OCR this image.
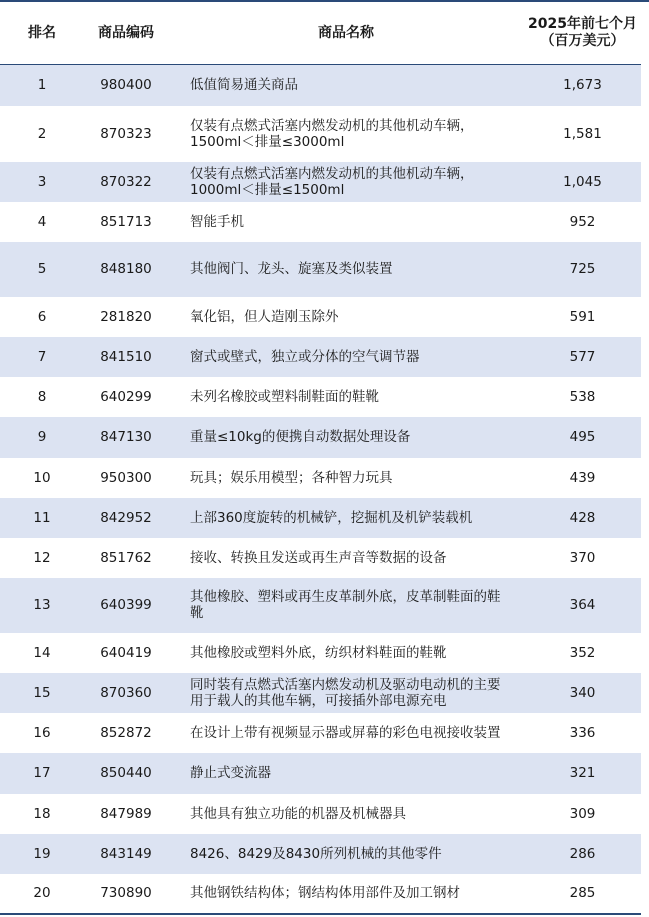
排名	商品编码	商品名称	2025年前七个月
（百万美元）

1	980400	低值简易通关商品	1,673
2	870323	仅装有点燃式活塞内燃发动机的其他机动车辆，1500ml＜排量≤3000ml	1,581
3	870322	仅装有点燃式活塞内燃发动机的其他机动车辆，1000ml＜排量≤1500ml	1,045
4	851713	智能手机	952
5	848180	其他阀门、龙头、旋塞及类似装置	725
6	281820	氧化铝，但人造刚玉除外	591
7	841510	窗式或壁式，独立或分体的空气调节器	577
8	640299	未列名橡胶或塑料制鞋面的鞋靴	538
9	847130	重量≤10kg的便携自动数据处理设备	495
10	950300	玩具；娱乐用模型；各种智力玩具	439
11	842952	上部360度旋转的机械铲，挖掘机及机铲装载机	428
12	851762	接收、转换且发送或再生声音等数据的设备	370
13	640399	其他橡胶、塑料或再生皮革制外底，皮革制鞋面的鞋靴	364
14	640419	其他橡胶或塑料外底，纺织材料鞋面的鞋靴	352
15	870360	同时装有点燃式活塞内燃发动机及驱动电动机的主要用于载人的其他车辆，可接插外部电源充电	340
16	852872	在设计上带有视频显示器或屏幕的彩色电视接收装置	336
17	850440	静止式变流器	321
18	847989	其他具有独立功能的机器及机械器具	309
19	843149	8426、8429及8430所列机械的其他零件	286
20	730890	其他钢铁结构体；钢结构体用部件及加工钢材	285
